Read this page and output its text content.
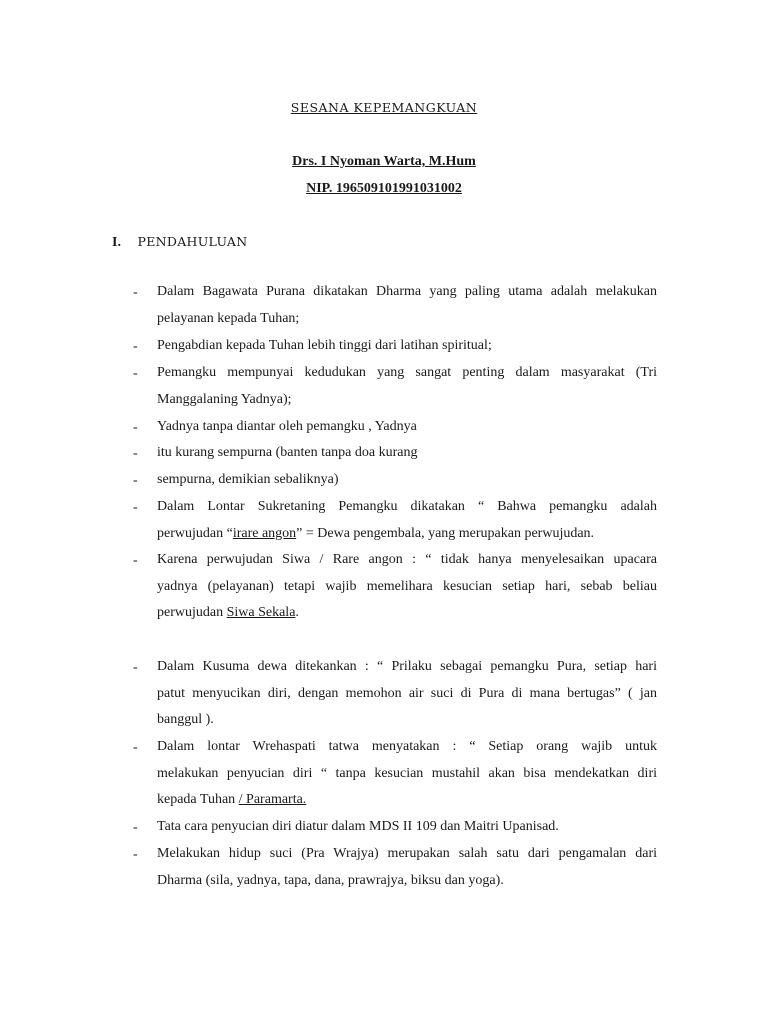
SESANA KEPEMANGKUAN
Drs. I Nyoman Warta, M.Hum
NIP. 196509101991031002
I. PENDAHULUAN
- Dalam Bagawata Purana dikatakan Dharma yang paling utama adalah melakukan
pelayanan kepada Tuhan;
- Pengabdian kepada Tuhan lebih tinggi dari latihan spiritual;
- Pemangku mempunyai kedudukan yang sangat penting dalam masyarakat (Tri
Manggalaning Yadnya);
- Yadnya tanpa diantar oleh pemangku , Yadnya
- itu kurang sempurna (banten tanpa doa kurang
- sempurna, demikian sebaliknya)
- Dalam Lontar Sukretaning Pemangku dikatakan “ Bahwa pemangku adalah
perwujudan “irare angon” = Dewa pengembala, yang merupakan perwujudan.
- Karena perwujudan Siwa / Rare angon : “ tidak hanya menyelesaikan upacara
yadnya (pelayanan) tetapi wajib memelihara kesucian setiap hari, sebab beliau
perwujudan Siwa Sekala.
- Dalam Kusuma dewa ditekankan : “ Prilaku sebagai pemangku Pura, setiap hari
patut menyucikan diri, dengan memohon air suci di Pura di mana bertugas” ( jan
banggul ).
- Dalam lontar Wrehaspati tatwa menyatakan : “ Setiap orang wajib untuk
melakukan penyucian diri “ tanpa kesucian mustahil akan bisa mendekatkan diri
kepada Tuhan / Paramarta.
- Tata cara penyucian diri diatur dalam MDS II 109 dan Maitri Upanisad.
- Melakukan hidup suci (Pra Wrajya) merupakan salah satu dari pengamalan dari
Dharma (sila, yadnya, tapa, dana, prawrajya, biksu dan yoga).
